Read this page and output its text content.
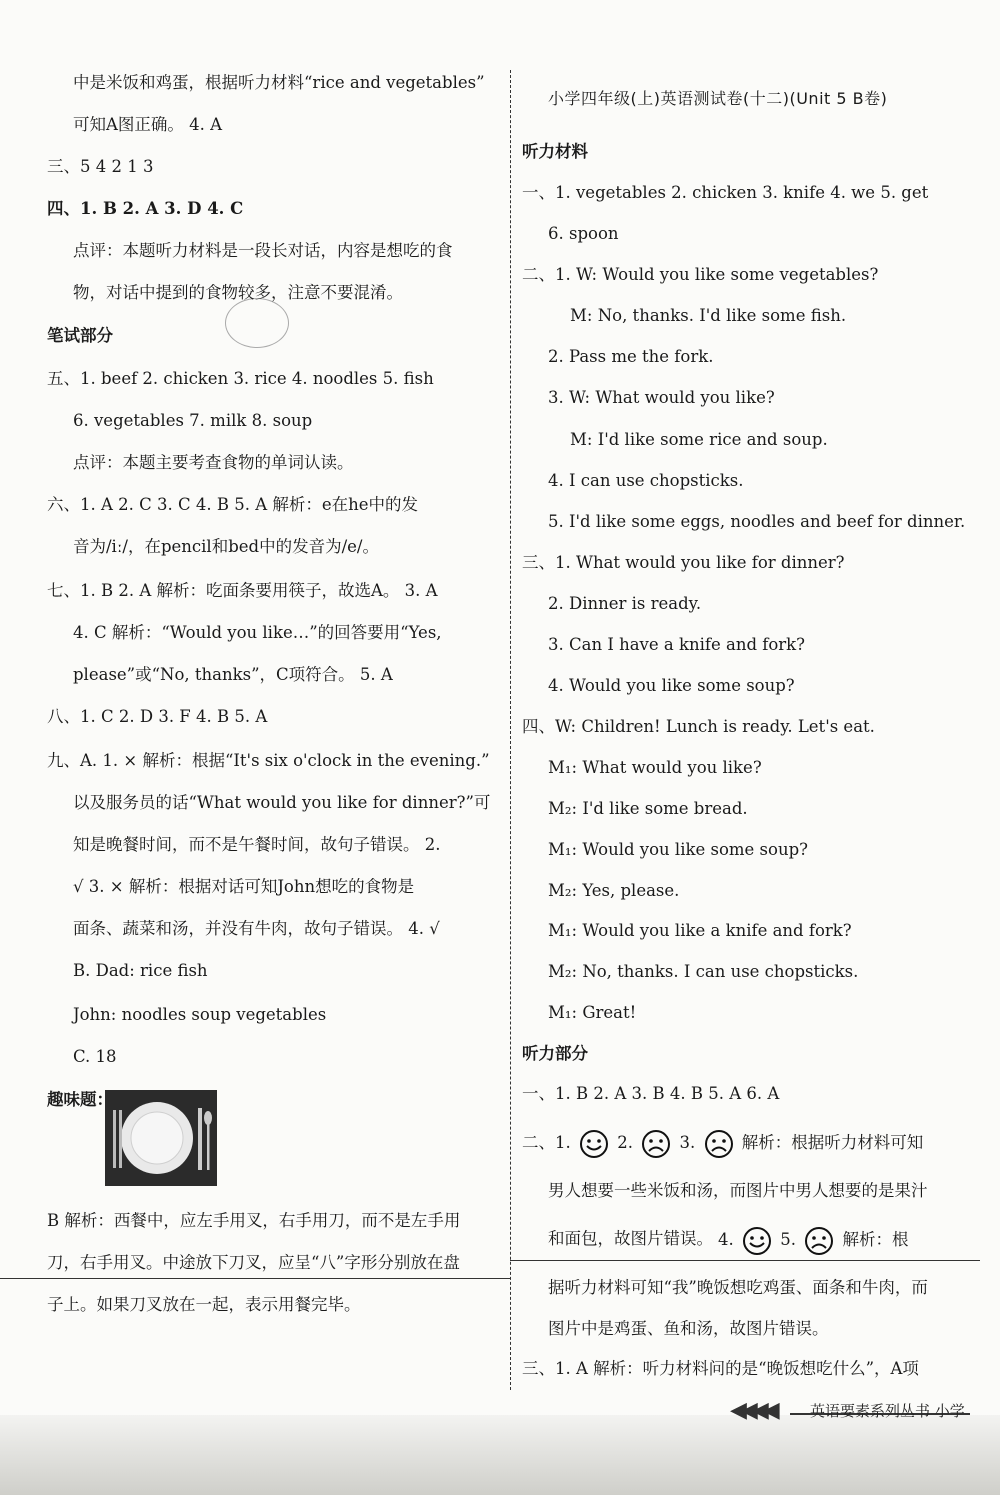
小学四年级(上)英语测试卷(十二)(Unit 5 B卷)
二、1.	2.	3.	解析：根据听力材料可知
4.	5.	解析：根
◀◀◀◀ 英语要素系列丛书 小学
中是米饭和鸡蛋，根据听力材料“rice and vegetables”
可知A图正确。 4. A
三、5 4 2 1 3
四、1. B 2. A 3. D 4. C
点评：本题听力材料是一段长对话，内容是想吃的食
物，对话中提到的食物较多，注意不要混淆。
笔试部分
五、1. beef 2. chicken 3. rice 4. noodles 5. fish
6. vegetables 7. milk 8. soup
点评：本题主要考查食物的单词认读。
六、1. A 2. C 3. C 4. B 5. A 解析：e在he中的发
音为/iː/，在pencil和bed中的发音为/e/。
七、1. B 2. A 解析：吃面条要用筷子，故选A。 3. A
4. C 解析：“Would you like…”的回答要用“Yes,
please”或“No, thanks”，C项符合。 5. A
八、1. C 2. D 3. F 4. B 5. A
九、A. 1. × 解析：根据“It's six o'clock in the evening.”
以及服务员的话“What would you like for dinner?”可
知是晚餐时间，而不是午餐时间，故句子错误。 2.
√ 3. × 解析：根据对话可知John想吃的食物是
面条、蔬菜和汤，并没有牛肉，故句子错误。 4. √
B. Dad: rice fish
John: noodles soup vegetables
C. 18
趣味题：
B 解析：西餐中，应左手用叉，右手用刀，而不是左手用
刀，右手用叉。中途放下刀叉，应呈“八”字形分别放在盘
子上。如果刀叉放在一起，表示用餐完毕。
听力材料
一、1. vegetables 2. chicken 3. knife 4. we 5. get
6. spoon
二、1. W: Would you like some vegetables?
M: No, thanks. I'd like some fish.
2. Pass me the fork.
3. W: What would you like?
M: I'd like some rice and soup.
4. I can use chopsticks.
5. I'd like some eggs, noodles and beef for dinner.
三、1. What would you like for dinner?
2. Dinner is ready.
3. Can I have a knife and fork?
4. Would you like some soup?
四、W: Children! Lunch is ready. Let's eat.
M₁: What would you like?
M₂: I'd like some bread.
M₁: Would you like some soup?
M₂: Yes, please.
M₁: Would you like a knife and fork?
M₂: No, thanks. I can use chopsticks.
M₁: Great!
听力部分
一、1. B 2. A 3. B 4. B 5. A 6. A
男人想要一些米饭和汤，而图片中男人想要的是果汁
和面包，故图片错误。
据听力材料可知“我”晚饭想吃鸡蛋、面条和牛肉，而
图片中是鸡蛋、鱼和汤，故图片错误。
三、1. A 解析：听力材料问的是“晚饭想吃什么”，A项
